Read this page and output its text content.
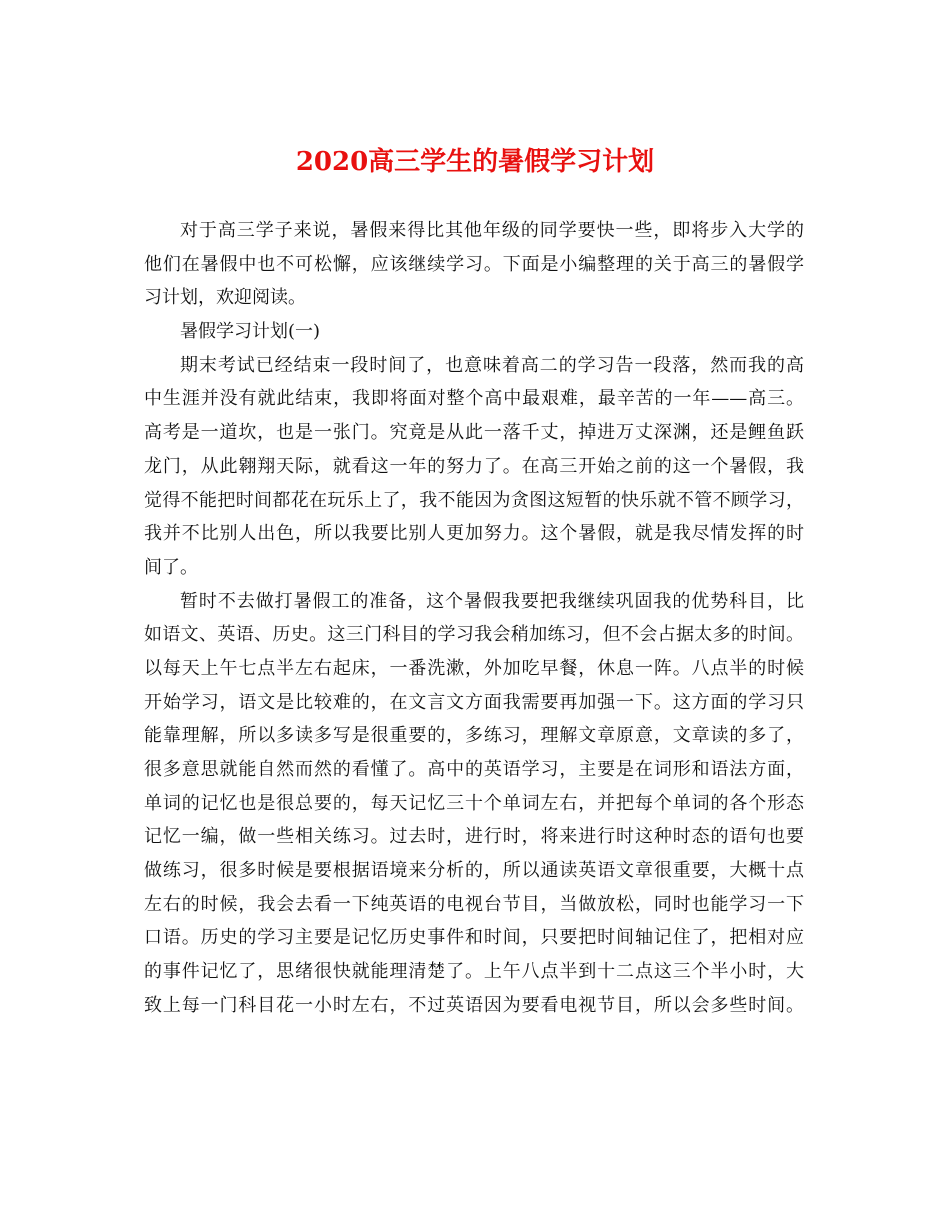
2020高三学生的暑假学习计划
对于高三学子来说，暑假来得比其他年级的同学要快一些，即将步入大学的
他们在暑假中也不可松懈，应该继续学习。下面是小编整理的关于高三的暑假学
习计划，欢迎阅读。
暑假学习计划(一)
期末考试已经结束一段时间了，也意味着高二的学习告一段落，然而我的高
中生涯并没有就此结束，我即将面对整个高中最艰难，最辛苦的一年——高三。
高考是一道坎，也是一张门。究竟是从此一落千丈，掉进万丈深渊，还是鲤鱼跃
龙门，从此翱翔天际，就看这一年的努力了。在高三开始之前的这一个暑假，我
觉得不能把时间都花在玩乐上了，我不能因为贪图这短暂的快乐就不管不顾学习，
我并不比别人出色，所以我要比别人更加努力。这个暑假，就是我尽情发挥的时
间了。
暂时不去做打暑假工的准备，这个暑假我要把我继续巩固我的优势科目，比
如语文、英语、历史。这三门科目的学习我会稍加练习，但不会占据太多的时间。
以每天上午七点半左右起床，一番洗漱，外加吃早餐，休息一阵。八点半的时候
开始学习，语文是比较难的，在文言文方面我需要再加强一下。这方面的学习只
能靠理解，所以多读多写是很重要的，多练习，理解文章原意，文章读的多了，
很多意思就能自然而然的看懂了。高中的英语学习，主要是在词形和语法方面，
单词的记忆也是很总要的，每天记忆三十个单词左右，并把每个单词的各个形态
记忆一编，做一些相关练习。过去时，进行时，将来进行时这种时态的语句也要
做练习，很多时候是要根据语境来分析的，所以通读英语文章很重要，大概十点
左右的时候，我会去看一下纯英语的电视台节目，当做放松，同时也能学习一下
口语。历史的学习主要是记忆历史事件和时间，只要把时间轴记住了，把相对应
的事件记忆了，思绪很快就能理清楚了。上午八点半到十二点这三个半小时，大
致上每一门科目花一小时左右，不过英语因为要看电视节目，所以会多些时间。
